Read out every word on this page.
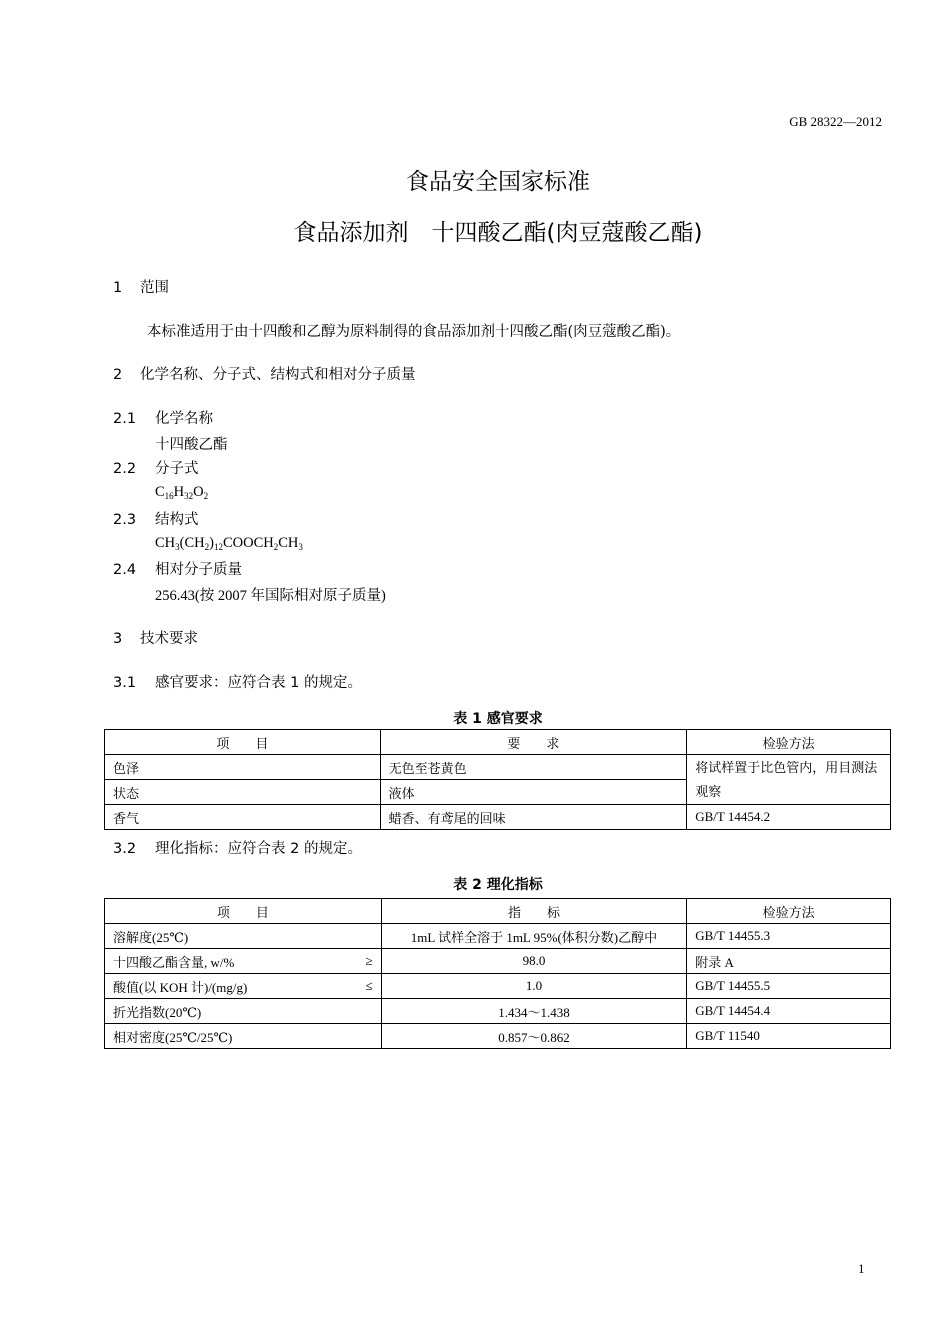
GB 28322—2012
食品安全国家标准
食品添加剂　十四酸乙酯(肉豆蔻酸乙酯)
1 范围
本标准适用于由十四酸和乙醇为原料制得的食品添加剂十四酸乙酯(肉豆蔻酸乙酯)。
2 化学名称、分子式、结构式和相对分子质量
2.1 化学名称
十四酸乙酯
2.2 分子式
$C_{16}H_{32}O_2$
2.3 结构式
$CH_3(CH_2)_{12}COOCH_2CH_3$
2.4 相对分子质量
256.43(按 2007 年国际相对原子质量)
3 技术要求
3.1 感官要求：应符合表 1 的规定。
表 1 感官要求
项　　目	要　　求	检验方法
色泽	无色至苍黄色	将试样置于比色管内，用目测法观察
状态	液体	
香气	蜡香、有鸢尾的回味	GB/T 14454.2
3.2 理化指标：应符合表 2 的规定。
表 2 理化指标
项　　目	指　　标	检验方法
溶解度(25℃)	1mL 试样全溶于 1mL 95%(体积分数)乙醇中	GB/T 14455.3
十四酸乙酯含量, w/% ≥	98.0	附录 A
酸值(以 KOH 计)/(mg/g) ≤	1.0	GB/T 14455.5
折光指数(20℃)	1.434～1.438	GB/T 14454.4
相对密度(25℃/25℃)	0.857～0.862	GB/T 11540
1
